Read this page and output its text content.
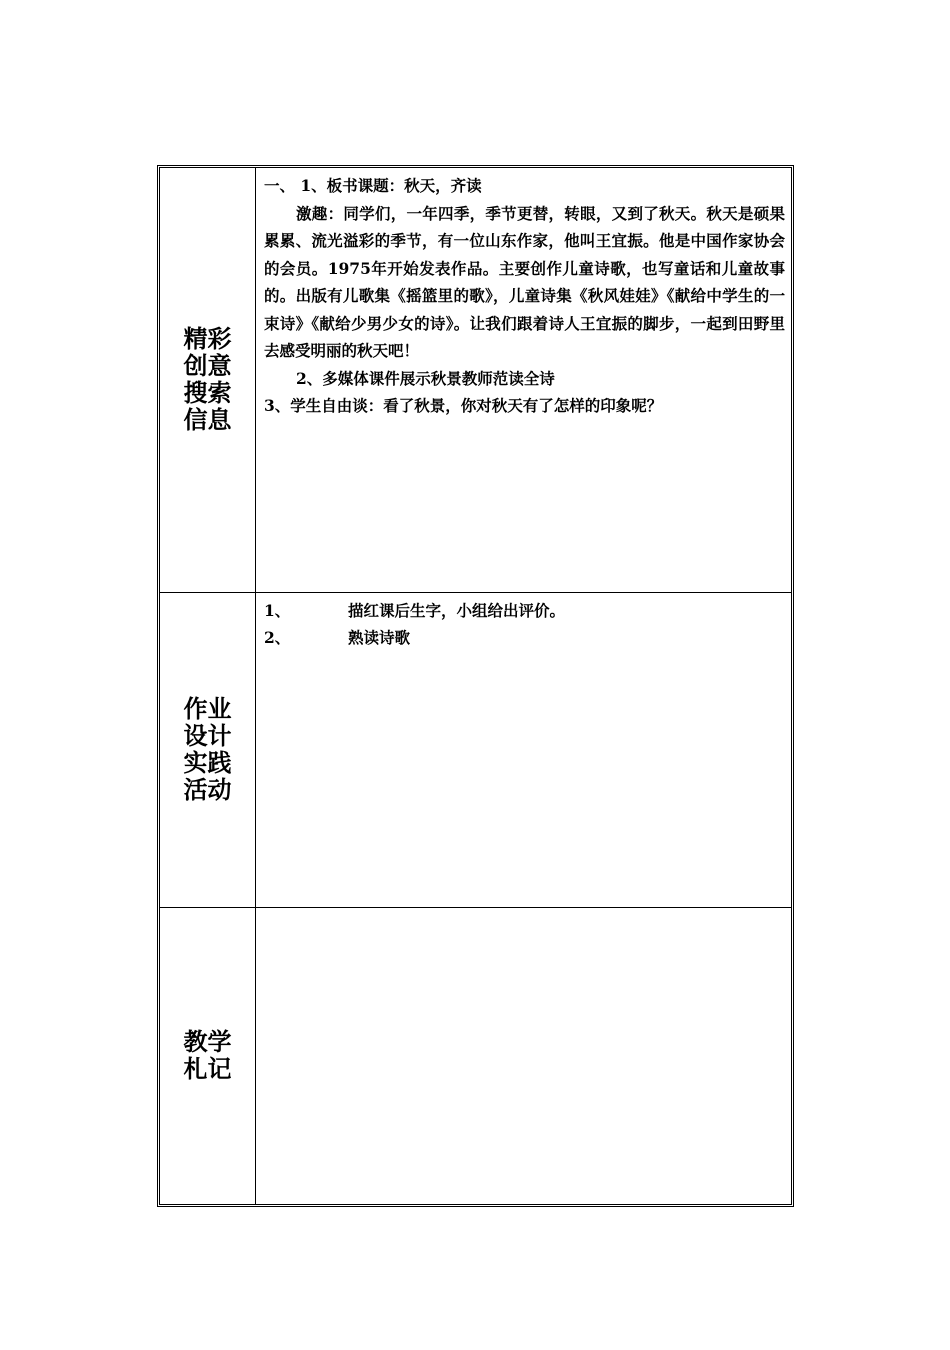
精彩创意搜索信息
一、 1、板书课题：秋天，齐读

激趣：同学们，一年四季，季节更替，转眼，又到了秋天。秋天是硕果累累、流光溢彩的季节，有一位山东作家，他叫王宜振。他是中国作家协会的会员。1975年开始发表作品。主要创作儿童诗歌，也写童话和儿童故事的。出版有儿歌集《摇篮里的歌》，儿童诗集《秋风娃娃》《献给中学生的一束诗》《献给少男少女的诗》。让我们跟着诗人王宜振的脚步，一起到田野里去感受明丽的秋天吧！

2、多媒体课件展示秋景教师范读全诗
3、学生自由谈：看了秋景，你对秋天有了怎样的印象呢？
作业设计实践活动
1、	描红课后生字，小组给出评价。
2、	熟读诗歌
教学札记
